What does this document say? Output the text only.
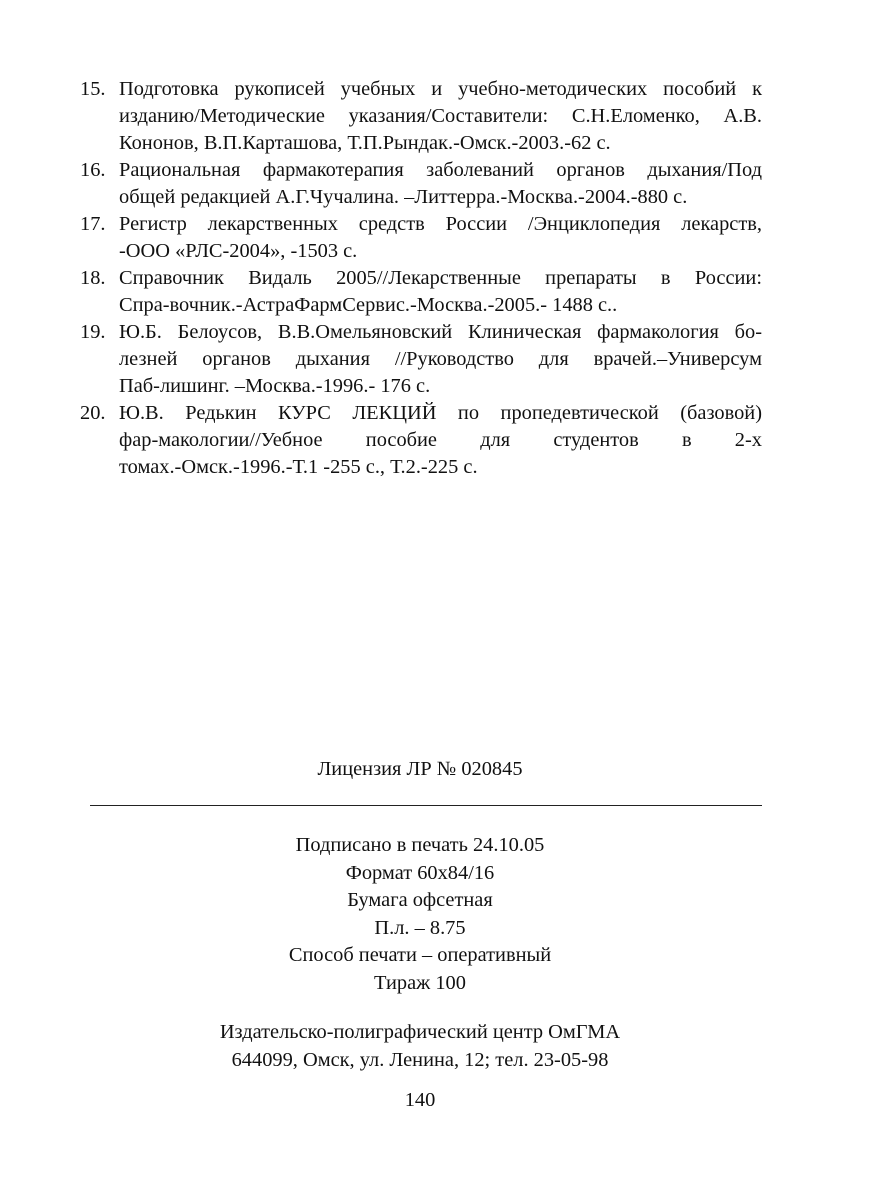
15. Подготовка рукописей учебных и учебно-методических пособий к
изданию/Методические указания/Составители: С.Н.Еломенко, А.В.
Кононов, В.П.Карташова, Т.П.Рындак.-Омск.-2003.-62 с.
16. Рациональная фармакотерапия заболеваний органов дыхания/Под
общей редакцией А.Г.Чучалина. –Литтерра.-Москва.-2004.-880 с.
17. Регистр лекарственных средств России /Энциклопедия лекарств,
-ООО «РЛС-2004», -1503 с.
18. Справочник Видаль 2005//Лекарственные препараты в России:
Спра-вочник.-АстраФармСервис.-Москва.-2005.- 1488 с..
19. Ю.Б. Белоусов, В.В.Омельяновский Клиническая фармакология бо-
лезней органов дыхания //Руководство для врачей.–Универсум
Паб-лишинг. –Москва.-1996.- 176 с.
20. Ю.В. Редькин КУРС ЛЕКЦИЙ по пропедевтической (базовой)
фар-макологии//Уебное пособие для студентов в 2-х
томах.-Омск.-1996.-Т.1 -255 с., Т.2.-225 с.
Лицензия ЛР № 020845
Подписано в печать 24.10.05
Формат 60х84/16
Бумага офсетная
П.л. – 8.75
Способ печати – оперативный
Тираж 100
Издательско-полиграфический центр ОмГМА
644099, Омск, ул. Ленина, 12; тел. 23-05-98
140
